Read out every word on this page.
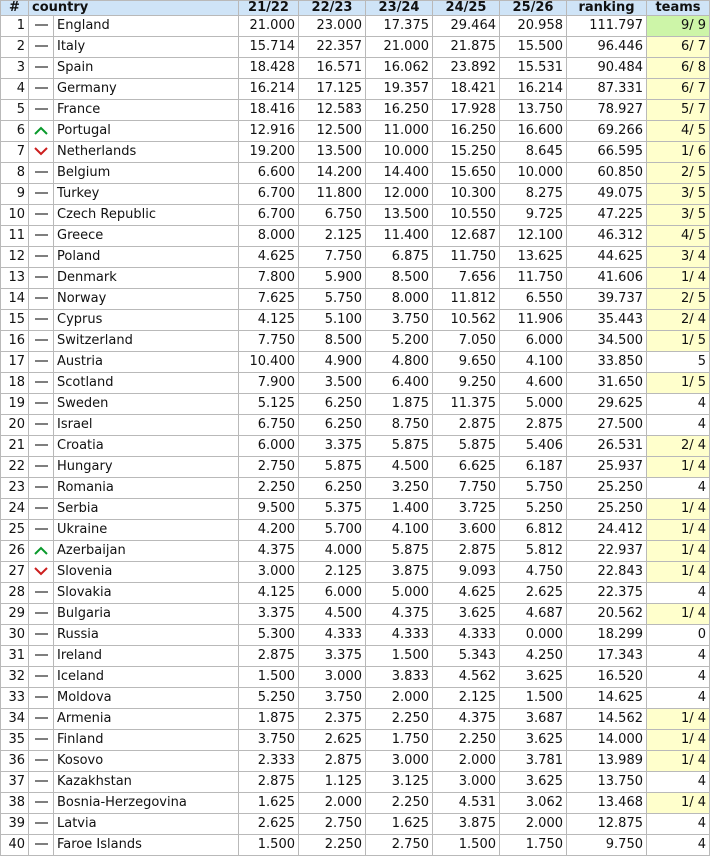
#	country		21/22	22/23	23/24	24/25	25/26	ranking	teams
1		England	21.000	23.000	17.375	29.464	20.958	111.797	9/ 9
2		Italy	15.714	22.357	21.000	21.875	15.500	96.446	6/ 7
3		Spain	18.428	16.571	16.062	23.892	15.531	90.484	6/ 8
4		Germany	16.214	17.125	19.357	18.421	16.214	87.331	6/ 7
5		France	18.416	12.583	16.250	17.928	13.750	78.927	5/ 7
6		Portugal	12.916	12.500	11.000	16.250	16.600	69.266	4/ 5
7		Netherlands	19.200	13.500	10.000	15.250	8.645	66.595	1/ 6
8		Belgium	6.600	14.200	14.400	15.650	10.000	60.850	2/ 5
9		Turkey	6.700	11.800	12.000	10.300	8.275	49.075	3/ 5
10		Czech Republic	6.700	6.750	13.500	10.550	9.725	47.225	3/ 5
11		Greece	8.000	2.125	11.400	12.687	12.100	46.312	4/ 5
12		Poland	4.625	7.750	6.875	11.750	13.625	44.625	3/ 4
13		Denmark	7.800	5.900	8.500	7.656	11.750	41.606	1/ 4
14		Norway	7.625	5.750	8.000	11.812	6.550	39.737	2/ 5
15		Cyprus	4.125	5.100	3.750	10.562	11.906	35.443	2/ 4
16		Switzerland	7.750	8.500	5.200	7.050	6.000	34.500	1/ 5
17		Austria	10.400	4.900	4.800	9.650	4.100	33.850	5
18		Scotland	7.900	3.500	6.400	9.250	4.600	31.650	1/ 5
19		Sweden	5.125	6.250	1.875	11.375	5.000	29.625	4
20		Israel	6.750	6.250	8.750	2.875	2.875	27.500	4
21		Croatia	6.000	3.375	5.875	5.875	5.406	26.531	2/ 4
22		Hungary	2.750	5.875	4.500	6.625	6.187	25.937	1/ 4
23		Romania	2.250	6.250	3.250	7.750	5.750	25.250	4
24		Serbia	9.500	5.375	1.400	3.725	5.250	25.250	1/ 4
25		Ukraine	4.200	5.700	4.100	3.600	6.812	24.412	1/ 4
26		Azerbaijan	4.375	4.000	5.875	2.875	5.812	22.937	1/ 4
27		Slovenia	3.000	2.125	3.875	9.093	4.750	22.843	1/ 4
28		Slovakia	4.125	6.000	5.000	4.625	2.625	22.375	4
29		Bulgaria	3.375	4.500	4.375	3.625	4.687	20.562	1/ 4
30		Russia	5.300	4.333	4.333	4.333	0.000	18.299	0
31		Ireland	2.875	3.375	1.500	5.343	4.250	17.343	4
32		Iceland	1.500	3.000	3.833	4.562	3.625	16.520	4
33		Moldova	5.250	3.750	2.000	2.125	1.500	14.625	4
34		Armenia	1.875	2.375	2.250	4.375	3.687	14.562	1/ 4
35		Finland	3.750	2.625	1.750	2.250	3.625	14.000	1/ 4
36		Kosovo	2.333	2.875	3.000	2.000	3.781	13.989	1/ 4
37		Kazakhstan	2.875	1.125	3.125	3.000	3.625	13.750	4
38		Bosnia-Herzegovina	1.625	2.000	2.250	4.531	3.062	13.468	1/ 4
39		Latvia	2.625	2.750	1.625	3.875	2.000	12.875	4
40		Faroe Islands	1.500	2.250	2.750	1.500	1.750	9.750	4
